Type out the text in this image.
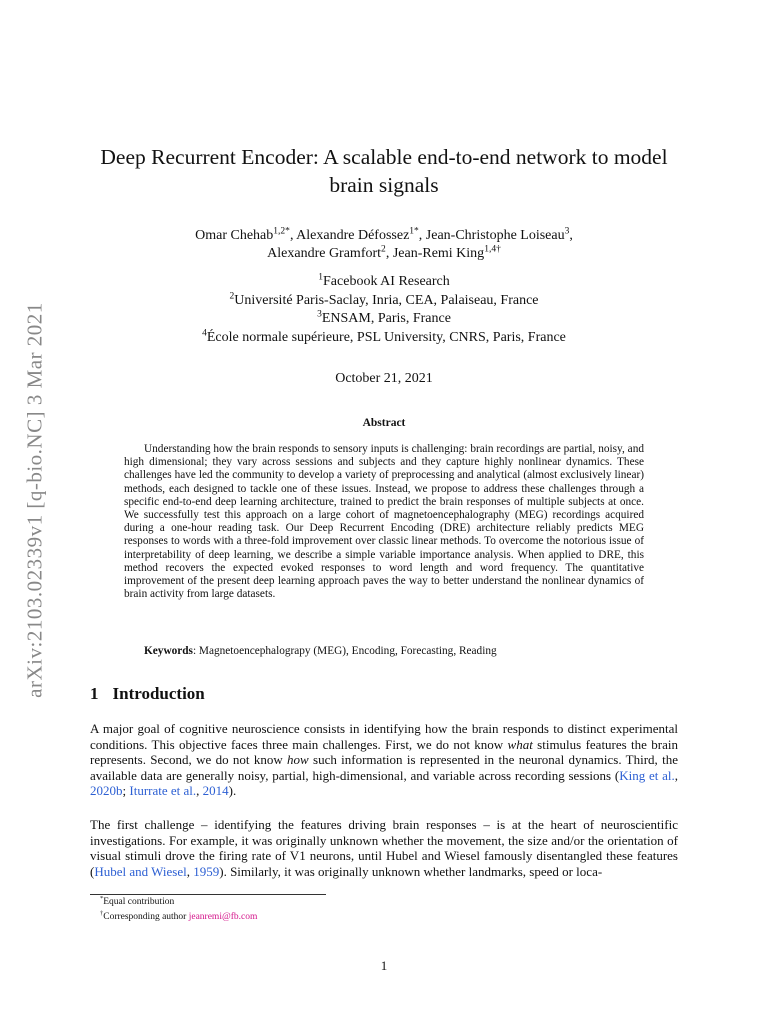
arXiv:2103.02339v1 [q-bio.NC] 3 Mar 2021
Deep Recurrent Encoder: A scalable end-to-end network to model
brain signals
Omar Chehab$^{1,2*}$, Alexandre Défossez$^{1*}$, Jean-Christophe Loiseau$^3$,
Alexandre Gramfort$^2$, Jean-Remi King$^{1,4\dagger}$
$^1$Facebook AI Research
$^2$Université Paris-Saclay, Inria, CEA, Palaiseau, France
$^3$ENSAM, Paris, France
$^4$École normale supérieure, PSL University, CNRS, Paris, France
October 21, 2021
Abstract

Understanding how the brain responds to sensory inputs is challenging: brain recordings are partial, noisy, and high dimensional; they vary across sessions and subjects and they capture highly nonlinear dynamics. These challenges have led the community to develop a variety of preprocessing and analytical (almost exclusively linear) methods, each designed to tackle one of these issues. Instead, we propose to address these challenges through a specific end-to-end deep learning architecture, trained to predict the brain responses of multiple subjects at once. We successfully test this approach on a large cohort of magnetoencephalography (MEG) recordings acquired during a one-hour reading task. Our Deep Recurrent Encoding (DRE) architecture reliably predicts MEG responses to words with a three-fold improvement over classic linear methods. To overcome the notorious issue of interpretability of deep learning, we describe a simple variable importance analysis. When applied to DRE, this method recovers the expected evoked responses to word length and word frequency. The quantitative improvement of the present deep learning approach paves the way to better understand the nonlinear dynamics of brain activity from large datasets.

Keywords: Magnetoencephalograpy (MEG), Encoding, Forecasting, Reading
1 Introduction

A major goal of cognitive neuroscience consists in identifying how the brain responds to distinct experimental conditions. This objective faces three main challenges. First, we do not know what stimulus features the brain represents. Second, we do not know how such information is represented in the neuronal dynamics. Third, the available data are generally noisy, partial, high-dimensional, and variable across recording sessions (King et al., 2020b; Iturrate et al., 2014).

The first challenge – identifying the features driving brain responses – is at the heart of neuroscientific investigations. For example, it was originally unknown whether the movement, the size and/or the orientation of visual stimuli drove the firing rate of V1 neurons, until Hubel and Wiesel famously disentangled these features (Hubel and Wiesel, 1959). Similarly, it was originally unknown whether landmarks, speed or loca-

*Equal contribution
†Corresponding author jeanremi@fb.com
1
